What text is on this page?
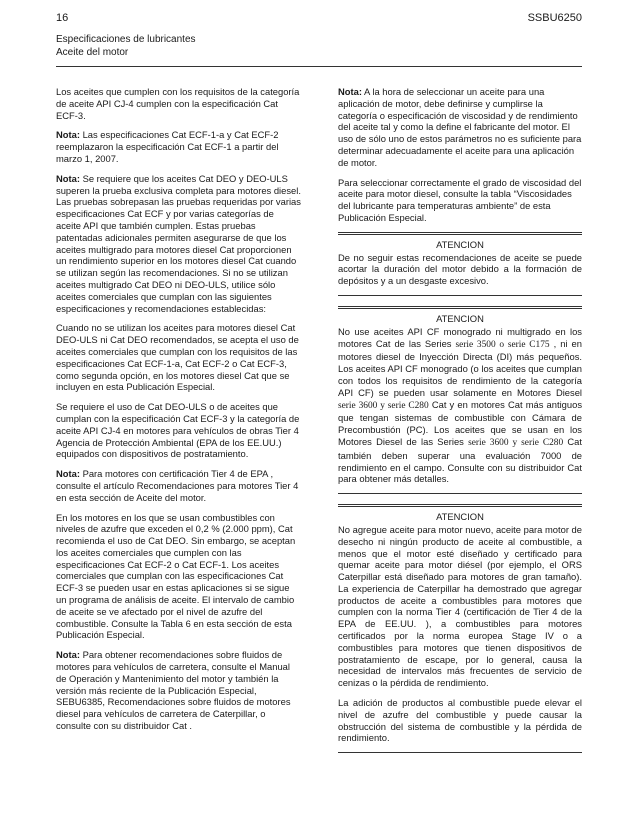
16	SSBU6250
Especificaciones de lubricantes
Aceite del motor

Los aceites que cumplen con los requisitos de la categoría de aceite API CJ-4 cumplen con la especificación Cat ECF-3.

Nota: Las especificaciones Cat ECF-1-a y Cat ECF-2 reemplazaron la especificación Cat ECF-1 a partir del marzo 1, 2007.

Nota: Se requiere que los aceites Cat DEO y DEO-ULS superen la prueba exclusiva completa para motores diesel. Las pruebas sobrepasan las pruebas requeridas por varias especificaciones Cat ECF y por varias categorías de aceite API que también cumplen. Estas pruebas patentadas adicionales permiten asegurarse de que los aceites multigrado para motores diesel Cat proporcionen un rendimiento superior en los motores diesel Cat cuando se utilizan según las recomendaciones. Si no se utilizan aceites multigrado Cat DEO ni DEO-ULS, utilice sólo aceites comerciales que cumplan con las siguientes especificaciones y recomendaciones establecidas:

Cuando no se utilizan los aceites para motores diesel Cat DEO-ULS ni Cat DEO recomendados, se acepta el uso de aceites comerciales que cumplan con los requisitos de las especificaciones Cat ECF-1-a, Cat ECF-2 o Cat ECF-3, como segunda opción, en los motores diesel Cat que se incluyen en esta Publicación Especial.

Se requiere el uso de Cat DEO-ULS o de aceites que cumplan con la especificación Cat ECF-3 y la categoría de aceite API CJ-4 en motores para vehículos de obras Tier 4 Agencia de Protección Ambiental (EPA de los EE.UU.) equipados con dispositivos de postratamiento.

Nota: Para motores con certificación Tier 4 de EPA , consulte el artículo Recomendaciones para motores Tier 4 en esta sección de Aceite del motor.

En los motores en los que se usan combustibles con niveles de azufre que exceden el 0,2 % (2.000 ppm), Cat recomienda el uso de Cat DEO. Sin embargo, se aceptan los aceites comerciales que cumplen con las especificaciones Cat ECF-2 o Cat ECF-1. Los aceites comerciales que cumplan con las especificaciones Cat ECF-3 se pueden usar en estas aplicaciones si se sigue un programa de análisis de aceite. El intervalo de cambio de aceite se ve afectado por el nivel de azufre del combustible. Consulte la Tabla 6 en esta sección de esta Publicación Especial.

Nota: Para obtener recomendaciones sobre fluidos de motores para vehículos de carretera, consulte el Manual de Operación y Mantenimiento del motor y también la versión más reciente de la Publicación Especial, SEBU6385, Recomendaciones sobre fluidos de motores diesel para vehículos de carretera de Caterpillar, o consulte con su distribuidor Cat .

Nota: A la hora de seleccionar un aceite para una aplicación de motor, debe definirse y cumplirse la categoría o especificación de viscosidad y de rendimiento del aceite tal y como la define el fabricante del motor. El uso de sólo uno de estos parámetros no es suficiente para determinar adecuadamente el aceite para una aplicación de motor.

Para seleccionar correctamente el grado de viscosidad del aceite para motor diesel, consulte la tabla “Viscosidades del lubricante para temperaturas ambiente” de esta Publicación Especial.

ATENCION
De no seguir estas recomendaciones de aceite se puede acortar la duración del motor debido a la formación de depósitos y a un desgaste excesivo.
ATENCION
No use aceites API CF monogrado ni multigrado en los motores Cat de las Series serie 3500 o serie C175 , ni en motores diesel de Inyección Directa (DI) más pequeños. Los aceites API CF monogrado (o los aceites que cumplan con todos los requisitos de rendimiento de la categoría API CF) se pueden usar solamente en Motores Diesel serie 3600 y serie C280 Cat y en motores Cat más antiguos que tengan sistemas de combustible con Cámara de Precombustión (PC). Los aceites que se usan en los Motores Diesel de las Series serie 3600 y serie C280 Cat también deben superar una evaluación 7000 de rendimiento en el campo. Consulte con su distribuidor Cat para obtener más detalles.
ATENCION

No agregue aceite para motor nuevo, aceite para motor de desecho ni ningún producto de aceite al combustible, a menos que el motor esté diseñado y certificado para quemar aceite para motor diésel (por ejemplo, el ORS Caterpillar está diseñado para motores de gran tamaño). La experiencia de Caterpillar ha demostrado que agregar productos de aceite a combustibles para motores que cumplen con la norma Tier 4 (certificación de Tier 4 de la EPA de EE.UU. ), a combustibles para motores certificados por la norma europea Stage IV o a combustibles para motores que tienen dispositivos de postratamiento de escape, por lo general, causa la necesidad de intervalos más frecuentes de servicio de cenizas o la pérdida de rendimiento.

La adición de productos al combustible puede elevar el nivel de azufre del combustible y puede causar la obstrucción del sistema de combustible y la pérdida de rendimiento.
